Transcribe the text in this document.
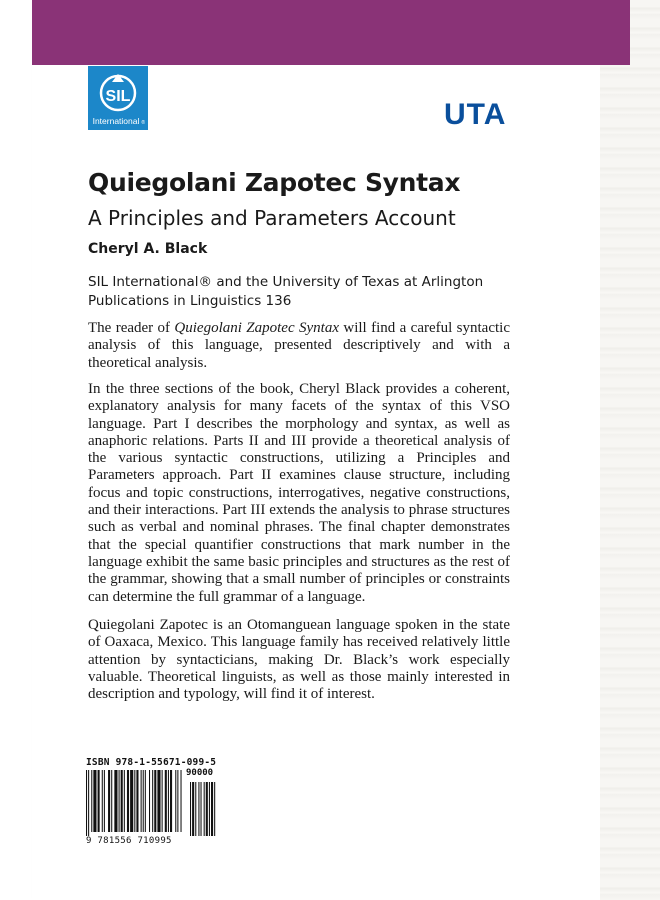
SIL
International ®	UTA
Quiegolani Zapotec Syntax
A Principles and Parameters Account
Cheryl A. Black
SIL International® and the University of Texas at Arlington
Publications in Linguistics 136

The reader of Quiegolani Zapotec Syntax will find a careful syntactic analysis of this language, presented descriptively and with a theoretical analysis.

In the three sections of the book, Cheryl Black provides a coherent, explanatory analysis for many facets of the syntax of this VSO language. Part I describes the morphology and syntax, as well as anaphoric relations. Parts II and III provide a theoretical analysis of the various syntactic constructions, utilizing a Principles and Parameters approach. Part II examines clause structure, including focus and topic constructions, interrogatives, negative constructions, and their interactions. Part III extends the analysis to phrase structures such as verbal and nominal phrases. The final chapter demonstrates that the special quantifier constructions that mark number in the language exhibit the same basic principles and structures as the rest of the grammar, showing that a small number of principles or constraints can determine the full grammar of a language.

Quiegolani Zapotec is an Otomanguean language spoken in the state of Oaxaca, Mexico. This language family has received relatively little attention by syntacticians, making Dr. Black’s work especially valuable. Theoretical linguists, as well as those mainly interested in description and typology, will find it of interest.

ISBN 978-1-55671-099-5
90000
9 781556 710995
